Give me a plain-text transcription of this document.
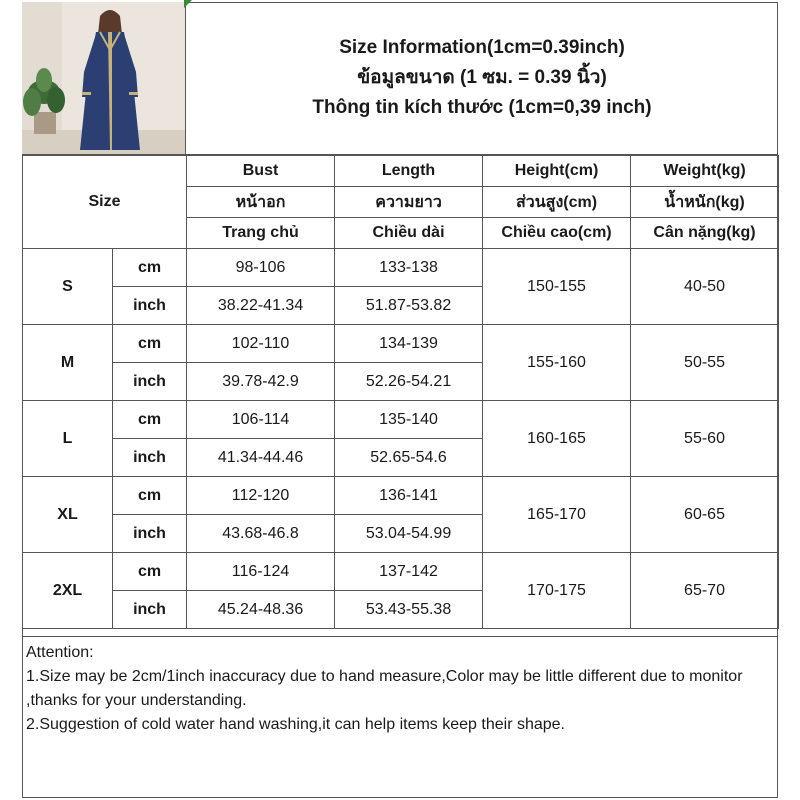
Size Information(1cm=0.39inch)
ข้อมูลขนาด (1 ซม. = 0.39 นิ้ว)
Thông tin kích thước (1cm=0,39 inch)
Size		Bust	Length	Height(cm)	Weight(kg)
		หน้าอก	ความยาว	ส่วนสูง(cm)	น้ำหนัก(kg)
		Trang chủ	Chiều dài	Chiều cao(cm)	Cân nặng(kg)
S	cm	98-106	133-138	150-155	40-50
	inch	38.22-41.34	51.87-53.82		
M	cm	102-110	134-139	155-160	50-55
	inch	39.78-42.9	52.26-54.21		
L	cm	106-114	135-140	160-165	55-60
	inch	41.34-44.46	52.65-54.6		
XL	cm	112-120	136-141	165-170	60-65
	inch	43.68-46.8	53.04-54.99		
2XL	cm	116-124	137-142	170-175	65-70
	inch	45.24-48.36	53.43-55.38		
Attention:
1.Size may be 2cm/1inch inaccuracy due to hand measure,Color may be little different due to monitor ,thanks for your understanding.
2.Suggestion of cold water hand washing,it can help items keep their shape.
